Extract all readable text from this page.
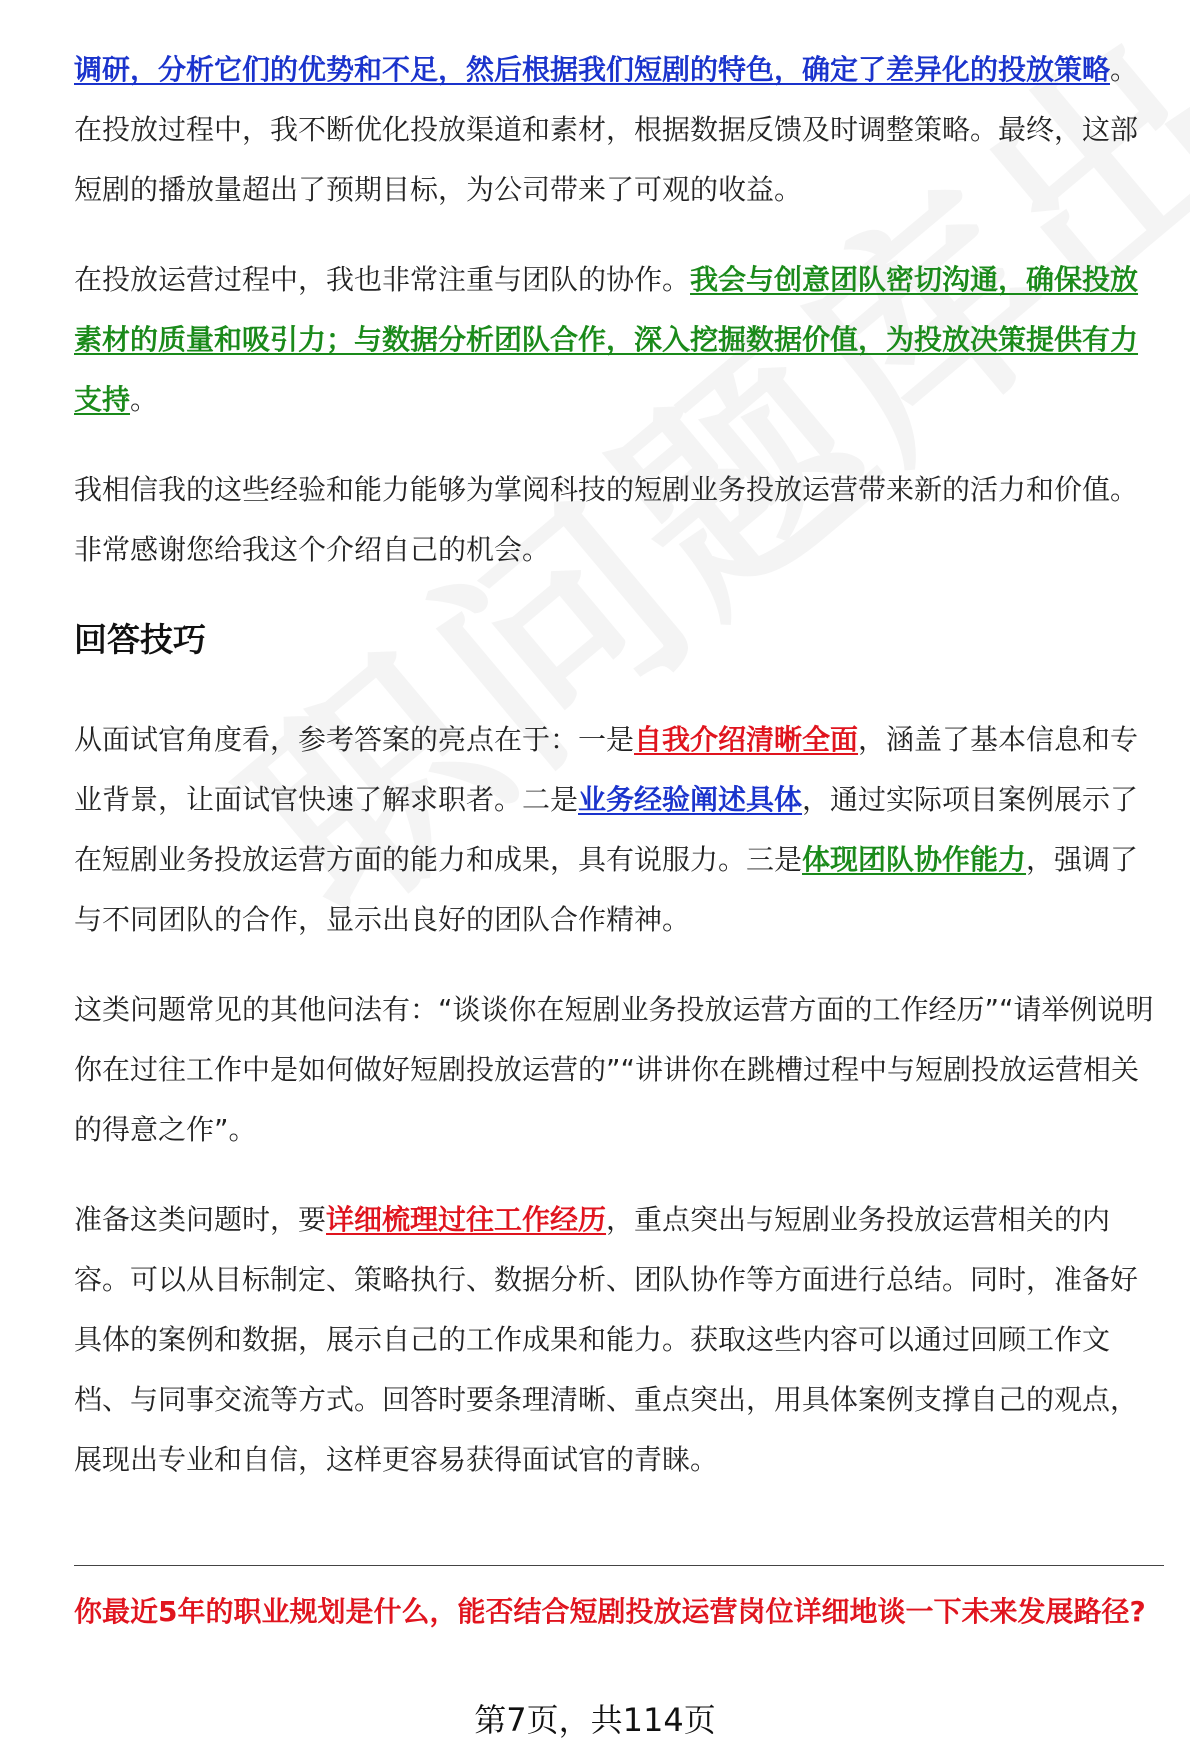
调研，分析它们的优势和不足，然后根据我们短剧的特色，确定了差异化的投放策略。在投放过程中，我不断优化投放渠道和素材，根据数据反馈及时调整策略。最终，这部短剧的播放量超出了预期目标，为公司带来了可观的收益。

在投放运营过程中，我也非常注重与团队的协作。我会与创意团队密切沟通，确保投放素材的质量和吸引力；与数据分析团队合作，深入挖掘数据价值，为投放决策提供有力支持。

我相信我的这些经验和能力能够为掌阅科技的短剧业务投放运营带来新的活力和价值。非常感谢您给我这个介绍自己的机会。

回答技巧

从面试官角度看，参考答案的亮点在于：一是自我介绍清晰全面，涵盖了基本信息和专业背景，让面试官快速了解求职者。二是业务经验阐述具体，通过实际项目案例展示了在短剧业务投放运营方面的能力和成果，具有说服力。三是体现团队协作能力，强调了与不同团队的合作，显示出良好的团队合作精神。

这类问题常见的其他问法有：“谈谈你在短剧业务投放运营方面的工作经历”“请举例说明你在过往工作中是如何做好短剧投放运营的”“讲讲你在跳槽过程中与短剧投放运营相关的得意之作”。

准备这类问题时，要详细梳理过往工作经历，重点突出与短剧业务投放运营相关的内容。可以从目标制定、策略执行、数据分析、团队协作等方面进行总结。同时，准备好具体的案例和数据，展示自己的工作成果和能力。获取这些内容可以通过回顾工作文档、与同事交流等方式。回答时要条理清晰、重点突出，用具体案例支撑自己的观点，展现出专业和自信，这样更容易获得面试官的青睐。

你最近5年的职业规划是什么，能否结合短剧投放运营岗位详细地谈一下未来发展路径?
第7页，共114页
